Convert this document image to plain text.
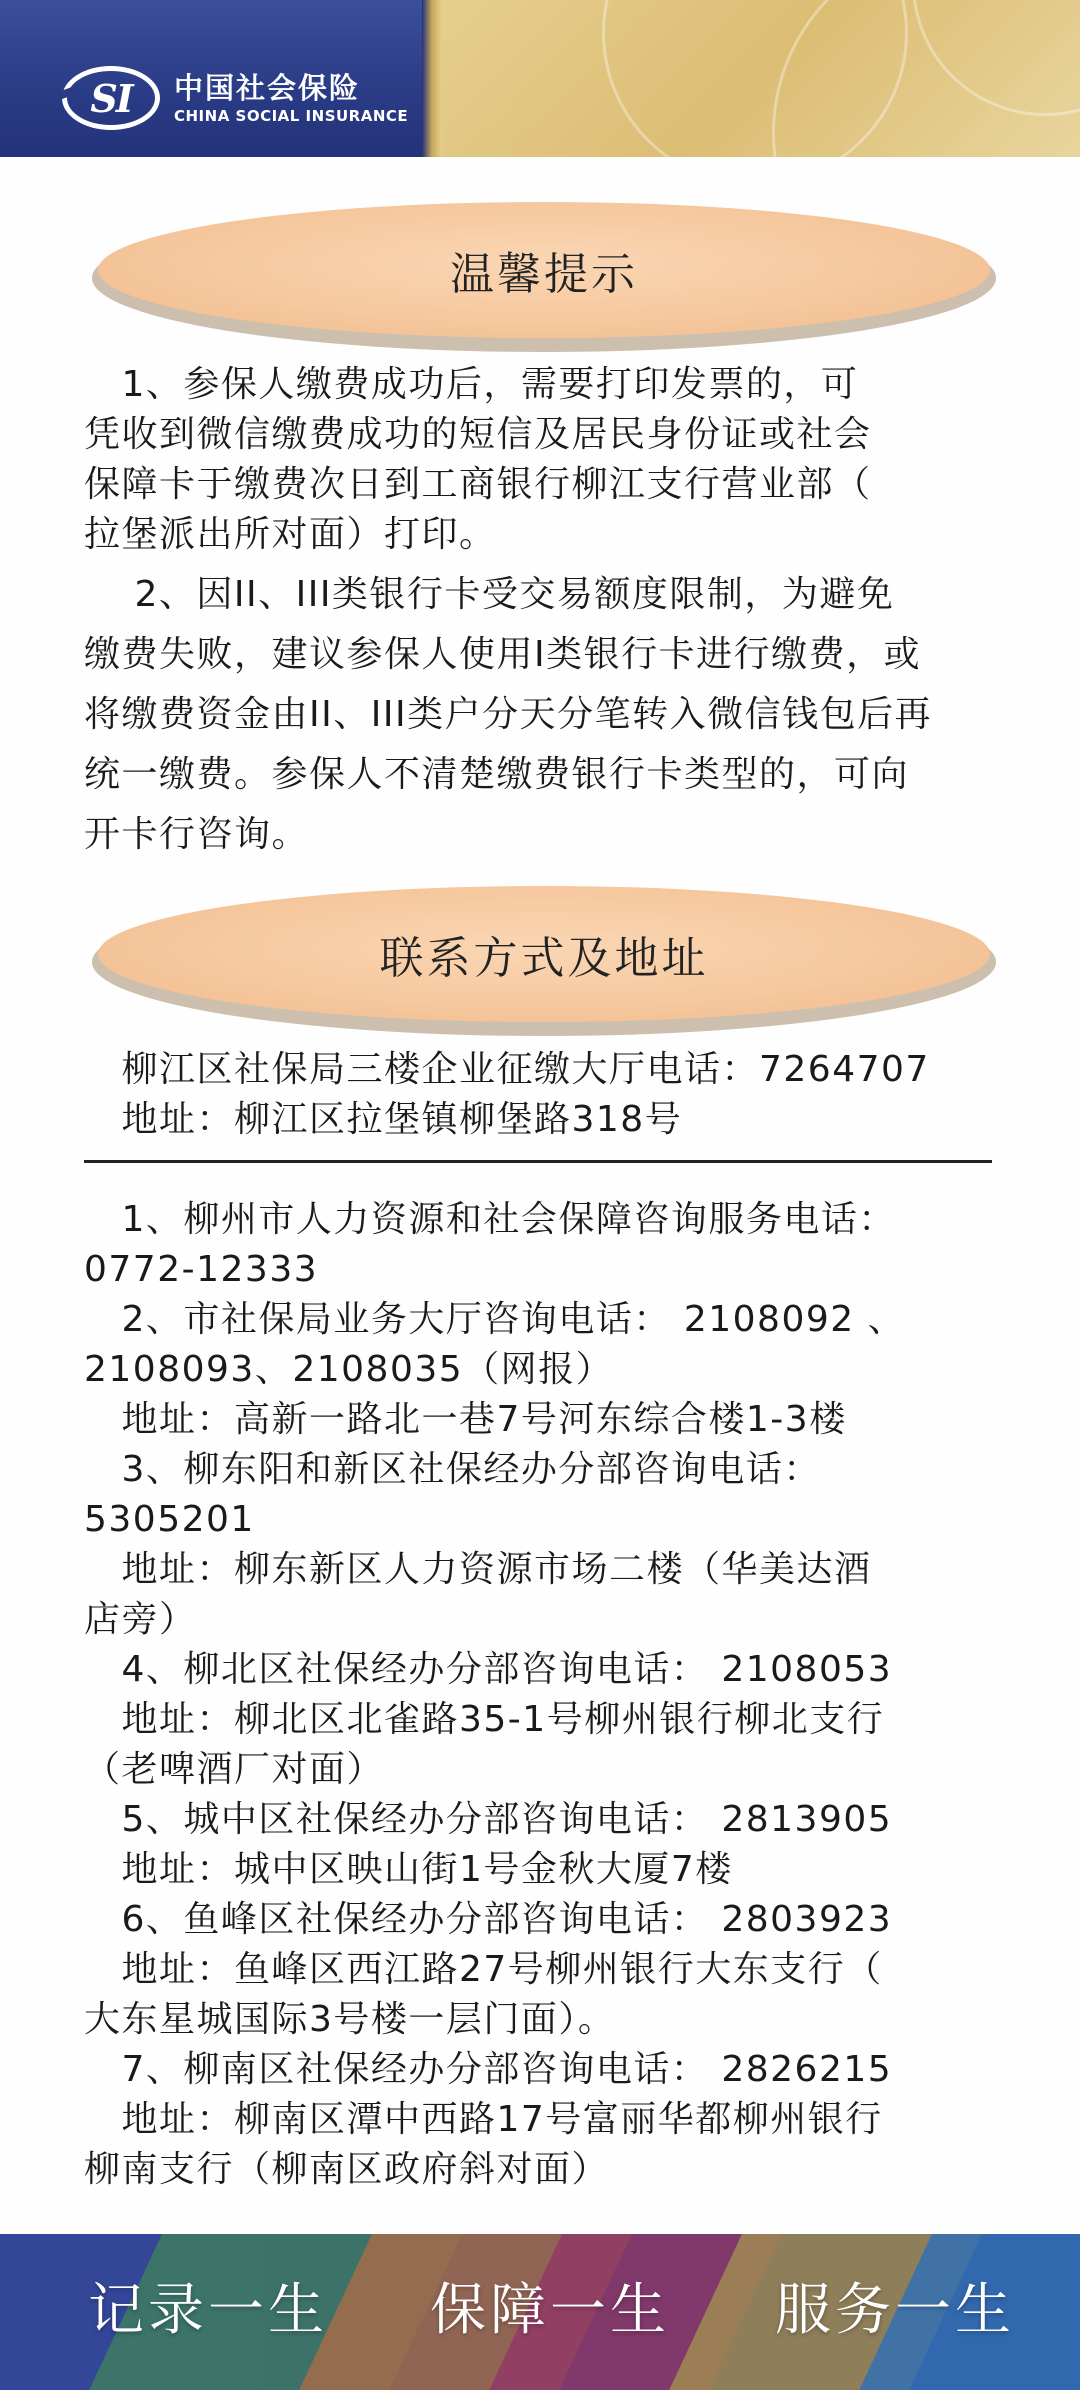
SI 中国社会保险
CHINA SOCIAL INSURANCE
温馨提示
　1、参保人缴费成功后，需要打印发票的，可
凭收到微信缴费成功的短信及居民身份证或社会
保障卡于缴费次日到工商银行柳江支行营业部（
拉堡派出所对面）打印。
　 2、因II、III类银行卡受交易额度限制，为避免
缴费失败，建议参保人使用I类银行卡进行缴费，或
将缴费资金由II、III类户分天分笔转入微信钱包后再
统一缴费。参保人不清楚缴费银行卡类型的，可向
开卡行咨询。
联系方式及地址
　柳江区社保局三楼企业征缴大厅电话：7264707
　地址：柳江区拉堡镇柳堡路318号
　1、柳州市人力资源和社会保障咨询服务电话：
0772-12333
　2、市社保局业务大厅咨询电话： 2108092 、
2108093、2108035（网报）
　地址：高新一路北一巷7号河东综合楼1-3楼
　3、柳东阳和新区社保经办分部咨询电话：
5305201
　地址：柳东新区人力资源市场二楼（华美达酒
店旁）
　4、柳北区社保经办分部咨询电话： 2108053
　地址：柳北区北雀路35-1号柳州银行柳北支行
（老啤酒厂对面）
　5、城中区社保经办分部咨询电话： 2813905
　地址：城中区映山街1号金秋大厦7楼
　6、鱼峰区社保经办分部咨询电话： 2803923
　地址：鱼峰区西江路27号柳州银行大东支行（
大东星城国际3号楼一层门面）。
　7、柳南区社保经办分部咨询电话： 2826215
　地址：柳南区潭中西路17号富丽华都柳州银行
柳南支行（柳南区政府斜对面）
记录一生 保障一生 服务一生
